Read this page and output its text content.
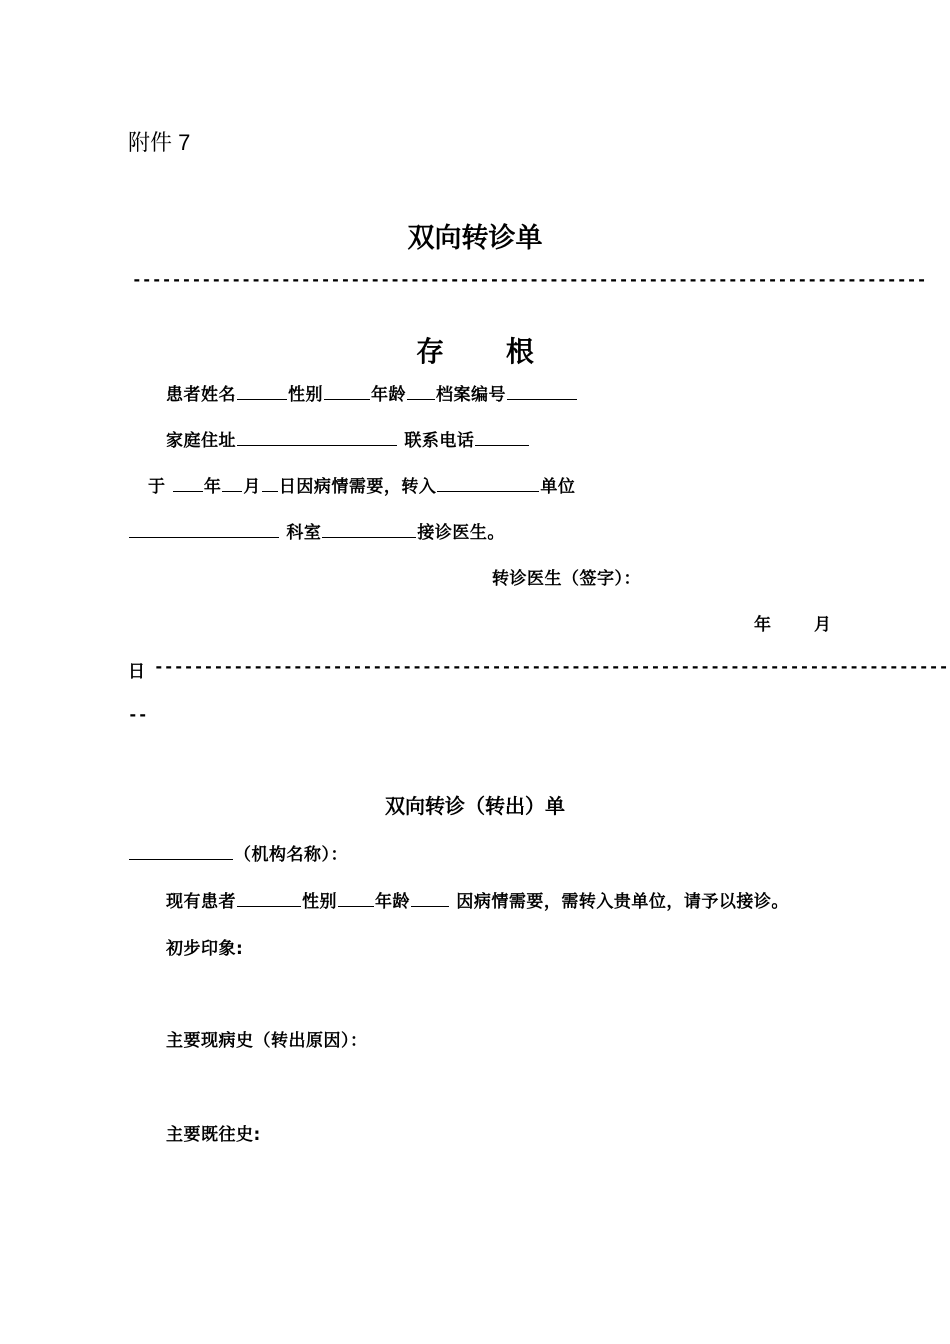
附件 7
双向转诊单
--------------------------------------------------------------------------------
存 根
患者姓名	性别	年龄 档案编号
家庭住址	联系电话
于 年 月 日因病情需要，转入	单位
科室	接诊医生。
转诊医生（签字）：
年	月
日 --------------------------------------------------------------------------------
--
双向转诊（转出）单
（机构名称）：
现有患者	性别 年龄	因病情需要，需转入贵单位，请予以接诊。
初步印象:
主要现病史（转出原因）：
主要既往史:
